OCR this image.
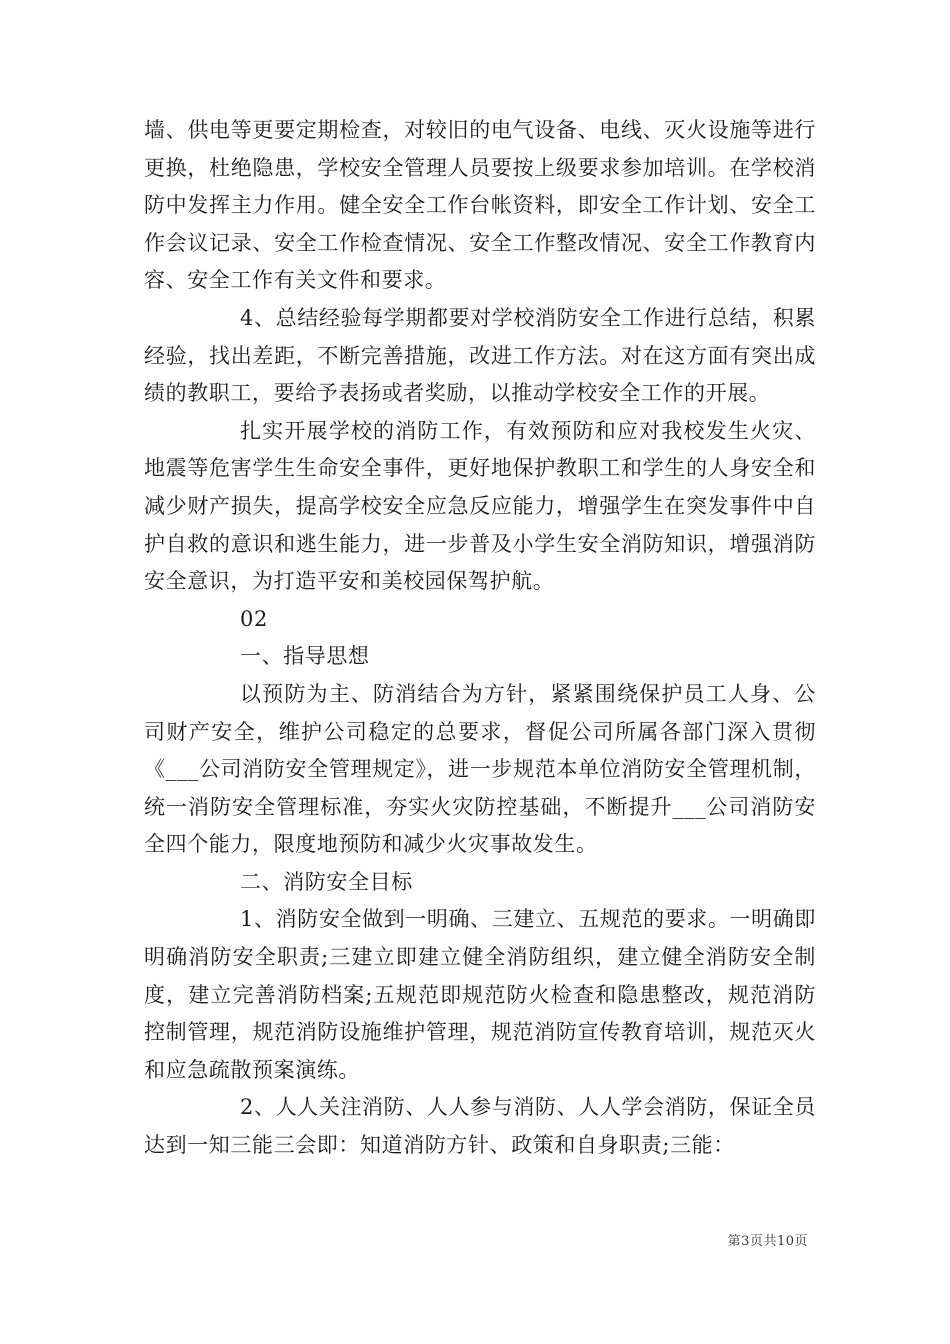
墙、供电等更要定期检查，对较旧的电气设备、电线、灭火设施等进行更换，杜绝隐患，学校安全管理人员要按上级要求参加培训。在学校消防中发挥主力作用。健全安全工作台帐资料，即安全工作计划、安全工作会议记录、安全工作检查情况、安全工作整改情况、安全工作教育内容、安全工作有关文件和要求。

4、总结经验每学期都要对学校消防安全工作进行总结，积累经验，找出差距，不断完善措施，改进工作方法。对在这方面有突出成绩的教职工，要给予表扬或者奖励，以推动学校安全工作的开展。

扎实开展学校的消防工作，有效预防和应对我校发生火灾、地震等危害学生生命安全事件，更好地保护教职工和学生的人身安全和减少财产损失，提高学校安全应急反应能力，增强学生在突发事件中自护自救的意识和逃生能力，进一步普及小学生安全消防知识，增强消防安全意识，为打造平安和美校园保驾护航。

02

一、指导思想

以预防为主、防消结合为方针，紧紧围绕保护员工人身、公司财产安全，维护公司稳定的总要求，督促公司所属各部门深入贯彻《___公司消防安全管理规定》，进一步规范本单位消防安全管理机制，统一消防安全管理标准，夯实火灾防控基础，不断提升___公司消防安全四个能力，限度地预防和减少火灾事故发生。

二、消防安全目标

1、消防安全做到一明确、三建立、五规范的要求。一明确即明确消防安全职责;三建立即建立健全消防组织，建立健全消防安全制度，建立完善消防档案;五规范即规范防火检查和隐患整改，规范消防控制管理，规范消防设施维护管理，规范消防宣传教育培训，规范灭火和应急疏散预案演练。

2、人人关注消防、人人参与消防、人人学会消防，保证全员达到一知三能三会即：知道消防方针、政策和自身职责;三能：

第3页共10页
